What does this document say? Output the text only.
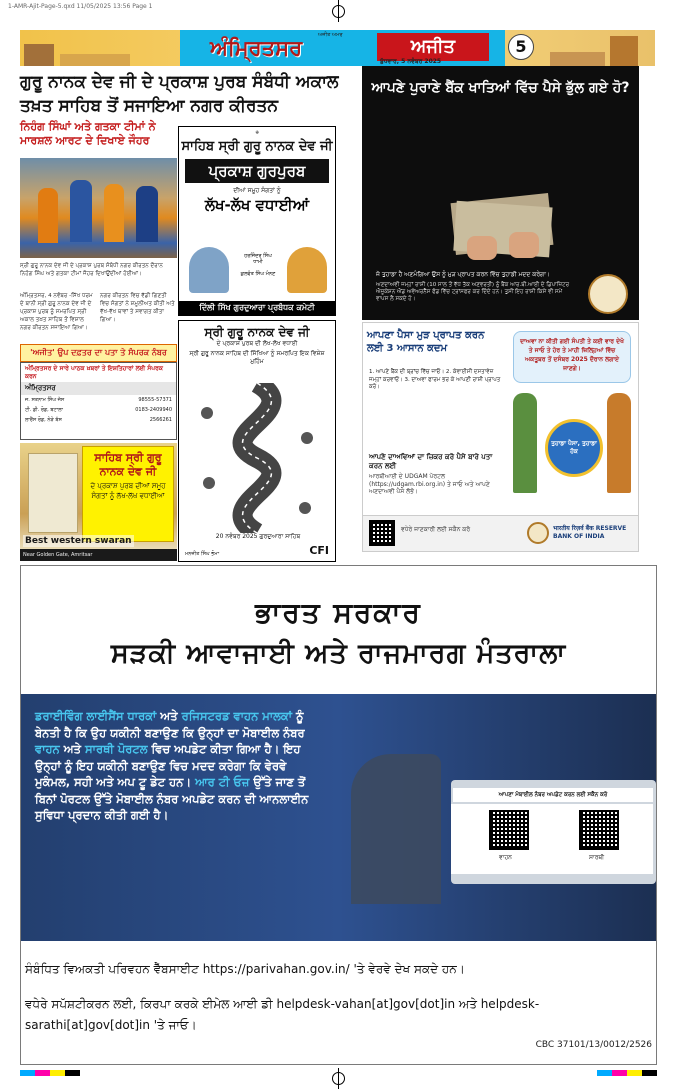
1-AMR-Ajit-Page-5.qxd 11/05/2025 13:56 Page 1
ਅੰਮ੍ਰਿਤਸਰ	ਅਜੀਤ ਅਮਰ
ਅਜੀਤ
ਬੁੱਧਵਾਰ, 5 ਨਵੰਬਰ 2025
5
ਗੁਰੂ ਨਾਨਕ ਦੇਵ ਜੀ ਦੇ ਪ੍ਰਕਾਸ਼ ਪੁਰਬ ਸੰਬੰਧੀ ਅਕਾਲ ਤਖ਼ਤ ਸਾਹਿਬ ਤੋਂ ਸਜਾਇਆ ਨਗਰ ਕੀਰਤਨ
ਨਿਹੰਗ ਸਿੰਘਾਂ ਅਤੇ ਗਤਕਾ ਟੀਮਾਂ ਨੇ ਮਾਰਸ਼ਲ ਆਰਟ ਦੇ ਦਿਖਾਏ ਜੌਹਰ
ਸ੍ਰੀ ਗੁਰੂ ਨਾਨਕ ਦੇਵ ਜੀ ਦੇ ਪ੍ਰਕਾਸ਼ ਪੁਰਬ ਸੰਬੰਧੀ ਨਗਰ ਕੀਰਤਨ ਦੌਰਾਨ ਨਿਹੰਗ ਸਿੰਘ ਅਤੇ ਗਤਕਾ ਟੀਮਾਂ ਜੌਹਰ ਦਿਖਾਉਂਦੀਆਂ ਹੋਈਆਂ।
ਅੰਮ੍ਰਿਤਸਰ, 4 ਨਵੰਬਰ -ਸਿੱਖ ਧਰਮ ਦੇ ਬਾਨੀ ਸ੍ਰੀ ਗੁਰੂ ਨਾਨਕ ਦੇਵ ਜੀ ਦੇ ਪ੍ਰਕਾਸ਼ ਪੁਰਬ ਨੂੰ ਸਮਰਪਿਤ ਸ੍ਰੀ ਅਕਾਲ ਤਖ਼ਤ ਸਾਹਿਬ ਤੋਂ ਵਿਸ਼ਾਲ ਨਗਰ ਕੀਰਤਨ ਸਜਾਇਆ ਗਿਆ।
ਨਗਰ ਕੀਰਤਨ ਵਿਚ ਵੱਡੀ ਗਿਣਤੀ ਵਿਚ ਸੰਗਤਾਂ ਨੇ ਸ਼ਮੂਲੀਅਤ ਕੀਤੀ ਅਤੇ ਵੱਖ-ਵੱਖ ਥਾਵਾਂ ਤੇ ਸਵਾਗਤ ਕੀਤਾ ਗਿਆ।
'ਅਜੀਤ' ਉਪ ਦਫ਼ਤਰ ਦਾ ਪਤਾ ਤੇ ਸੰਪਰਕ ਨੰਬਰ
ਅੰਮ੍ਰਿਤਸਰ ਦੇ ਸਾਰੇ ਪਾਠਕ ਖ਼ਬਰਾਂ ਤੇ ਇਸ਼ਤਿਹਾਰਾਂ ਲਈ ਸੰਪਰਕ ਕਰਨ
ਅੰਮ੍ਰਿਤਸਰ
ਜ. ਸਤਨਾਮ ਸਿੰਘ ਜੱਸ	98555-57371
ਟੀ. ਡੀ. ਰੋਡ, ਬਟਾਲਾ	0183-2409940
ਲਾਰੈਂਸ ਰੋਡ, ਨੇੜੇ ਬੱਸ	2566261
ਸਾਹਿਬ ਸ੍ਰੀ ਗੁਰੂ ਨਾਨਕ ਦੇਵ ਜੀ
ਦੇ ਪ੍ਰਕਾਸ਼ ਪੁਰਬ ਦੀਆਂ ਸਮੂਹ ਸੰਗਤਾਂ ਨੂੰ ਲੱਖ-ਲੱਖ ਵਧਾਈਆਂ
Best western swaran
Near Golden Gate, Amritsar
☬
ਸਾਹਿਬ ਸ੍ਰੀ ਗੁਰੂ ਨਾਨਕ ਦੇਵ ਜੀ
ਪ੍ਰਕਾਸ਼ ਗੁਰਪੁਰਬ
ਦੀਆਂ ਸਮੂਹ ਸੰਗਤਾਂ ਨੂੰ
ਲੱਖ-ਲੱਖ ਵਧਾਈਆਂ
ਹਰਜਿੰਦਰ ਸਿੰਘ ਧਾਮੀ
ਕੁਲਵੰਤ ਸਿੰਘ ਮੰਨਣ
ਦਿੱਲੀ ਸਿੱਖ ਗੁਰਦੁਆਰਾ ਪ੍ਰਬੰਧਕ ਕਮੇਟੀ
ਸ੍ਰੀ ਗੁਰੂ ਨਾਨਕ ਦੇਵ ਜੀ
ਦੇ ਪ੍ਰਕਾਸ਼ ਪੁਰਬ ਦੀ ਲੱਖ-ਲੱਖ ਵਧਾਈ
ਸ੍ਰੀ ਗੁਰੂ ਨਾਨਕ ਸਾਹਿਬ ਦੀ ਸਿੱਖਿਆ ਨੂੰ ਸਮਰਪਿਤ ਇਕ ਵਿਸ਼ੇਸ਼ ਮੁਹਿੰਮ
20 ਨਵੰਬਰ 2025 ਗੁਰਦੁਆਰਾ ਸਾਹਿਬ
ਮਨਜੀਤ ਸਿੰਘ ਭੋਮਾ	CFI
ਆਪਣੇ ਪੁਰਾਣੇ ਬੈਂਕ ਖਾਤਿਆਂ ਵਿੱਚ ਪੈਸੇ ਭੁੱਲ ਗਏ ਹੋ?
ਜੋ ਤੁਹਾਡਾ ਹੈ ਅਣਮੰਗਿਆ ਉਸ ਨੂੰ ਮੁੜ ਪ੍ਰਾਪਤ ਕਰਨ ਵਿੱਚ ਤੁਹਾਡੀ ਮਦਦ ਕਰੇਗਾ।
ਅਣਦਾਅਵੀ ਜਮ੍ਹਾਂ ਰਾਸ਼ੀ (10 ਸਾਲ ਤੋਂ ਵੱਧ ਤੱਕ ਅਣਵਰਤੀ) ਨੂੰ ਬੈਂਕ ਆਰ.ਬੀ.ਆਈ ਦੇ ਡਿਪਾਜ਼ਿਟਰ ਐਜੂਕੇਸ਼ਨ ਐਂਡ ਅਵੇਅਰਨੈੱਸ ਫੰਡ ਵਿੱਚ ਟ੍ਰਾਂਸਫਰ ਕਰ ਦਿੰਦੇ ਹਨ। ਤੁਸੀਂ ਇਹ ਰਾਸ਼ੀ ਕਿਸੇ ਵੀ ਸਮੇਂ ਵਾਪਸ ਲੈ ਸਕਦੇ ਹੋ।
ਆਪਣਾ ਪੈਸਾ ਮੁੜ ਪ੍ਰਾਪਤ ਕਰਨ ਲਈ 3 ਆਸਾਨ ਕਦਮ
1. ਆਪਣੇ ਬੈਂਕ ਦੀ ਬ੍ਰਾਂਚ ਵਿੱਚ ਜਾਓ। 2. ਕੇਵਾਈਸੀ ਦਸਤਾਵੇਜ਼ ਜਮ੍ਹਾਂ ਕਰਵਾਓ। 3. ਦਾਅਵਾ ਫਾਰਮ ਭਰ ਕੇ ਆਪਣੀ ਰਾਸ਼ੀ ਪ੍ਰਾਪਤ ਕਰੋ।
ਆਪਣੇ ਦਾਅਵਿਆਂ ਦਾ ਜ਼ਿਕਰ ਕਰੋ ਪੈਸੇ ਬਾਰੇ ਪਤਾ ਕਰਨ ਲਈ
ਆਰਬੀਆਈ ਦੇ UDGAM ਪੋਰਟਲ (https://udgam.rbi.org.in) ਤੇ ਜਾਓ ਅਤੇ ਆਪਣੇ ਅਣਦਾਅਵੀ ਪੈਸੇ ਲੱਭੋ।
ਦਾਅਵਾ ਨਾ ਕੀਤੀ ਗਈ ਸੰਪਤੀ ਤੇ ਕਈ ਵਾਰ ਦੇਖੋ ਤੇ ਜਾਓ ਤੇ ਹੋਰ ਤੇ ਮਾਹੀ ਜ਼ਿਲ੍ਹਿਆਂ ਵਿੱਚ ਅਕਤੂਬਰ ਤੋਂ ਦਸੰਬਰ 2025 ਦੌਰਾਨ ਲਗਾਏ ਜਾਣਗੇ।
ਤੁਹਾਡਾ ਪੈਸਾ, ਤੁਹਾਡਾ ਹੱਕ
ਵਧੇਰੇ ਜਾਣਕਾਰੀ ਲਈ ਸਕੈਨ ਕਰੋ	भारतीय रिज़र्व बैंक RESERVE BANK OF INDIA
ਭਾਰਤ ਸਰਕਾਰ
ਸੜਕੀ ਆਵਾਜਾਈ ਅਤੇ ਰਾਜਮਾਰਗ ਮੰਤਰਾਲਾ
ਡਰਾਈਵਿੰਗ ਲਾਈਸੈਂਸ ਧਾਰਕਾਂ ਅਤੇ ਰਜਿਸਟਰਡ ਵਾਹਨ ਮਾਲਕਾਂ ਨੂੰ ਬੇਨਤੀ ਹੈ ਕਿ ਉਹ ਯਕੀਨੀ ਬਣਾਉਣ ਕਿ ਉਨ੍ਹਾਂ ਦਾ ਮੋਬਾਈਲ ਨੰਬਰ ਵਾਹਨ ਅਤੇ ਸਾਰਥੀ ਪੋਰਟਲ ਵਿਚ ਅਪਡੇਟ ਕੀਤਾ ਗਿਆ ਹੈ। ਇਹ ਉਨ੍ਹਾਂ ਨੂੰ ਇਹ ਯਕੀਨੀ ਬਣਾਉਣ ਵਿਚ ਮਦਦ ਕਰੇਗਾ ਕਿ ਵੇਰਵੇ ਮੁਕੰਮਲ, ਸਹੀ ਅਤੇ ਅਪ ਟੂ ਡੇਟ ਹਨ। ਆਰ ਟੀ ਓਜ਼ ਉੱਤੇ ਜਾਣ ਤੋਂ ਬਿਨਾਂ ਪੋਰਟਲ ਉੱਤੇ ਮੋਬਾਈਲ ਨੰਬਰ ਅਪਡੇਟ ਕਰਨ ਦੀ ਆਨਲਾਈਨ ਸੁਵਿਧਾ ਪ੍ਰਦਾਨ ਕੀਤੀ ਗਈ ਹੈ।
ਆਪਣਾ ਮੋਬਾਈਲ ਨੰਬਰ ਅਪਡੇਟ ਕਰਨ ਲਈ ਸਕੈਨ ਕਰੋ
ਵਾਹਨ	ਸਾਰਥੀ
ਸੰਬੰਧਿਤ ਵਿਅਕਤੀ ਪਰਿਵਹਨ ਵੈੱਬਸਾਈਟ https://parivahan.gov.in/ 'ਤੇ ਵੇਰਵੇ ਦੇਖ ਸਕਦੇ ਹਨ।
ਵਧੇਰੇ ਸਪੱਸ਼ਟੀਕਰਨ ਲਈ, ਕਿਰਪਾ ਕਰਕੇ ਈਮੇਲ ਆਈ ਡੀ helpdesk-vahan[at]gov[dot]in ਅਤੇ helpdesk-sarathi[at]gov[dot]in 'ਤੇ ਜਾਓ।
CBC 37101/13/0012/2526
